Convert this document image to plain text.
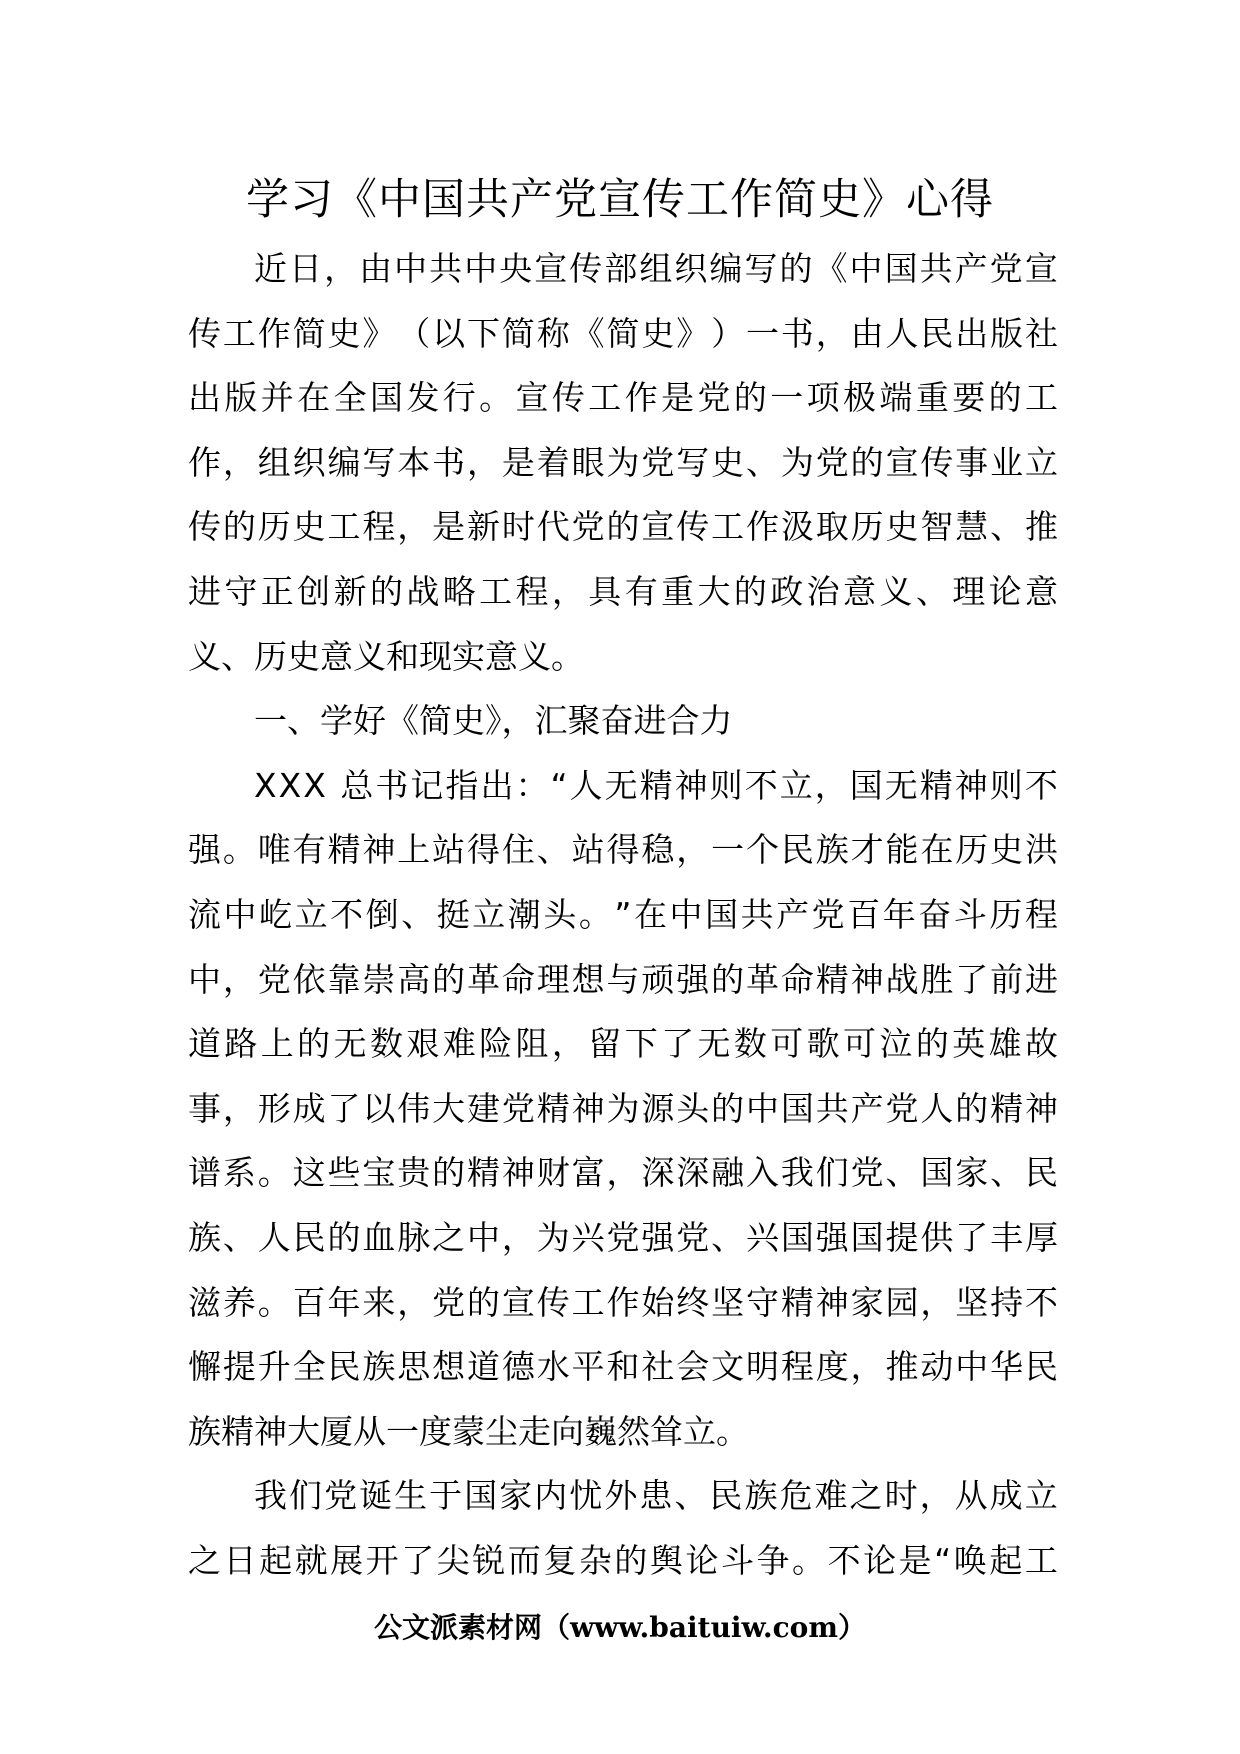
学习《中国共产党宣传工作简史》心得
近 日 ， 由 中 共 中 央 宣 传 部 组 织 编 写 的 《 中 国 共 产 党 宣
传 工 作 简 史 》 （ 以 下 简 称 《 简 史 》 ） 一 书 ， 由 人 民 出 版 社
出 版 并 在 全 国 发 行 。 宣 传 工 作 是 党 的 一 项 极 端 重 要 的 工
作 ， 组 织 编 写 本 书 ， 是 着 眼 为 党 写 史 、 为 党 的 宣 传 事 业 立
传 的 历 史 工 程 ， 是 新 时 代 党 的 宣 传 工 作 汲 取 历 史 智 慧 、 推
进 守 正 创 新 的 战 略 工 程 ， 具 有 重 大 的 政 治 意 义 、 理 论 意
义、历史意义和现实意义。
一、学好《简史》，汇聚奋进合力
X X X
总 书 记 指 出 ： “ 人 无 精 神 则 不 立 ， 国 无 精 神 则 不
强 。 唯 有 精 神 上 站 得 住 、 站 得 稳 ， 一 个 民 族 才 能 在 历 史 洪
流 中 屹 立 不 倒 、 挺 立 潮 头 。 ” 在 中 国 共 产 党 百 年 奋 斗 历 程
中 ， 党 依 靠 崇 高 的 革 命 理 想 与 顽 强 的 革 命 精 神 战 胜 了 前 进
道 路 上 的 无 数 艰 难 险 阻 ， 留 下 了 无 数 可 歌 可 泣 的 英 雄 故
事 ， 形 成 了 以 伟 大 建 党 精 神 为 源 头 的 中 国 共 产 党 人 的 精 神
谱 系 。 这 些 宝 贵 的 精 神 财 富 ， 深 深 融 入 我 们 党 、 国 家 、 民
族 、 人 民 的 血 脉 之 中 ， 为 兴 党 强 党 、 兴 国 强 国 提 供 了 丰 厚
滋 养 。 百 年 来 ， 党 的 宣 传 工 作 始 终 坚 守 精 神 家 园 ， 坚 持 不
懈 提 升 全 民 族 思 想 道 德 水 平 和 社 会 文 明 程 度 ， 推 动 中 华 民
族精神大厦从一度蒙尘走向巍然耸立。
我 们 党 诞 生 于 国 家 内 忧 外 患 、 民 族 危 难 之 时 ， 从 成 立
之 日 起 就 展 开 了 尖 锐 而 复 杂 的 舆 论 斗 争 。 不 论 是 “ 唤 起 工
公文派素材网（www.baituiw.com）
